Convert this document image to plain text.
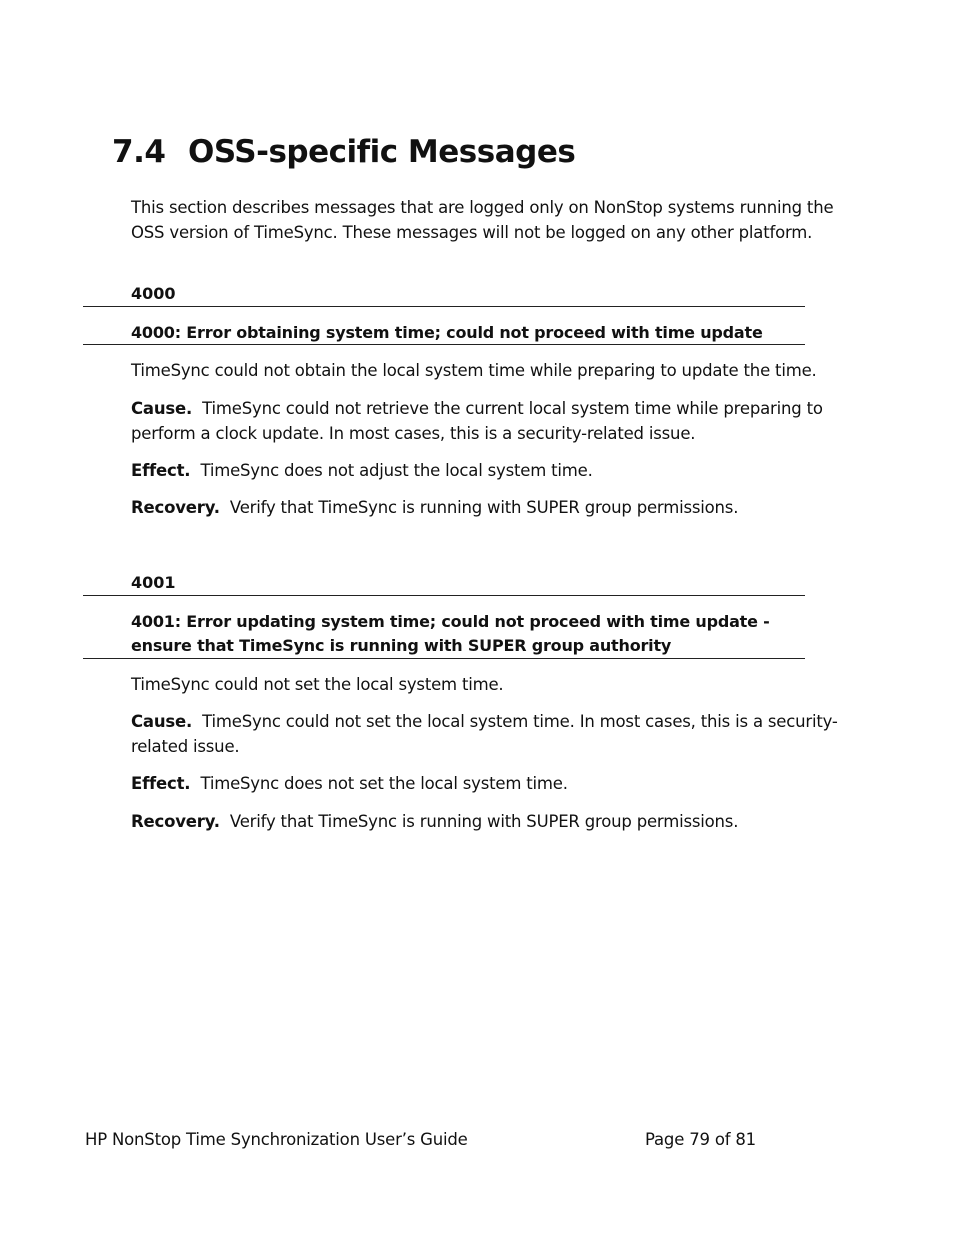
7.4 OSS-specific Messages
This section describes messages that are logged only on NonStop systems running the OSS version of TimeSync. These messages will not be logged on any other platform.
4000
4000: Error obtaining system time; could not proceed with time update
TimeSync could not obtain the local system time while preparing to update the time.
Cause. TimeSync could not retrieve the current local system time while preparing to perform a clock update. In most cases, this is a security-related issue.
Effect. TimeSync does not adjust the local system time.
Recovery. Verify that TimeSync is running with SUPER group permissions.
4001
4001: Error updating system time; could not proceed with time update - ensure that TimeSync is running with SUPER group authority
TimeSync could not set the local system time.
Cause. TimeSync could not set the local system time. In most cases, this is a security-related issue.
Effect. TimeSync does not set the local system time.
Recovery. Verify that TimeSync is running with SUPER group permissions.
HP NonStop Time Synchronization User’s Guide	Page 79 of 81
